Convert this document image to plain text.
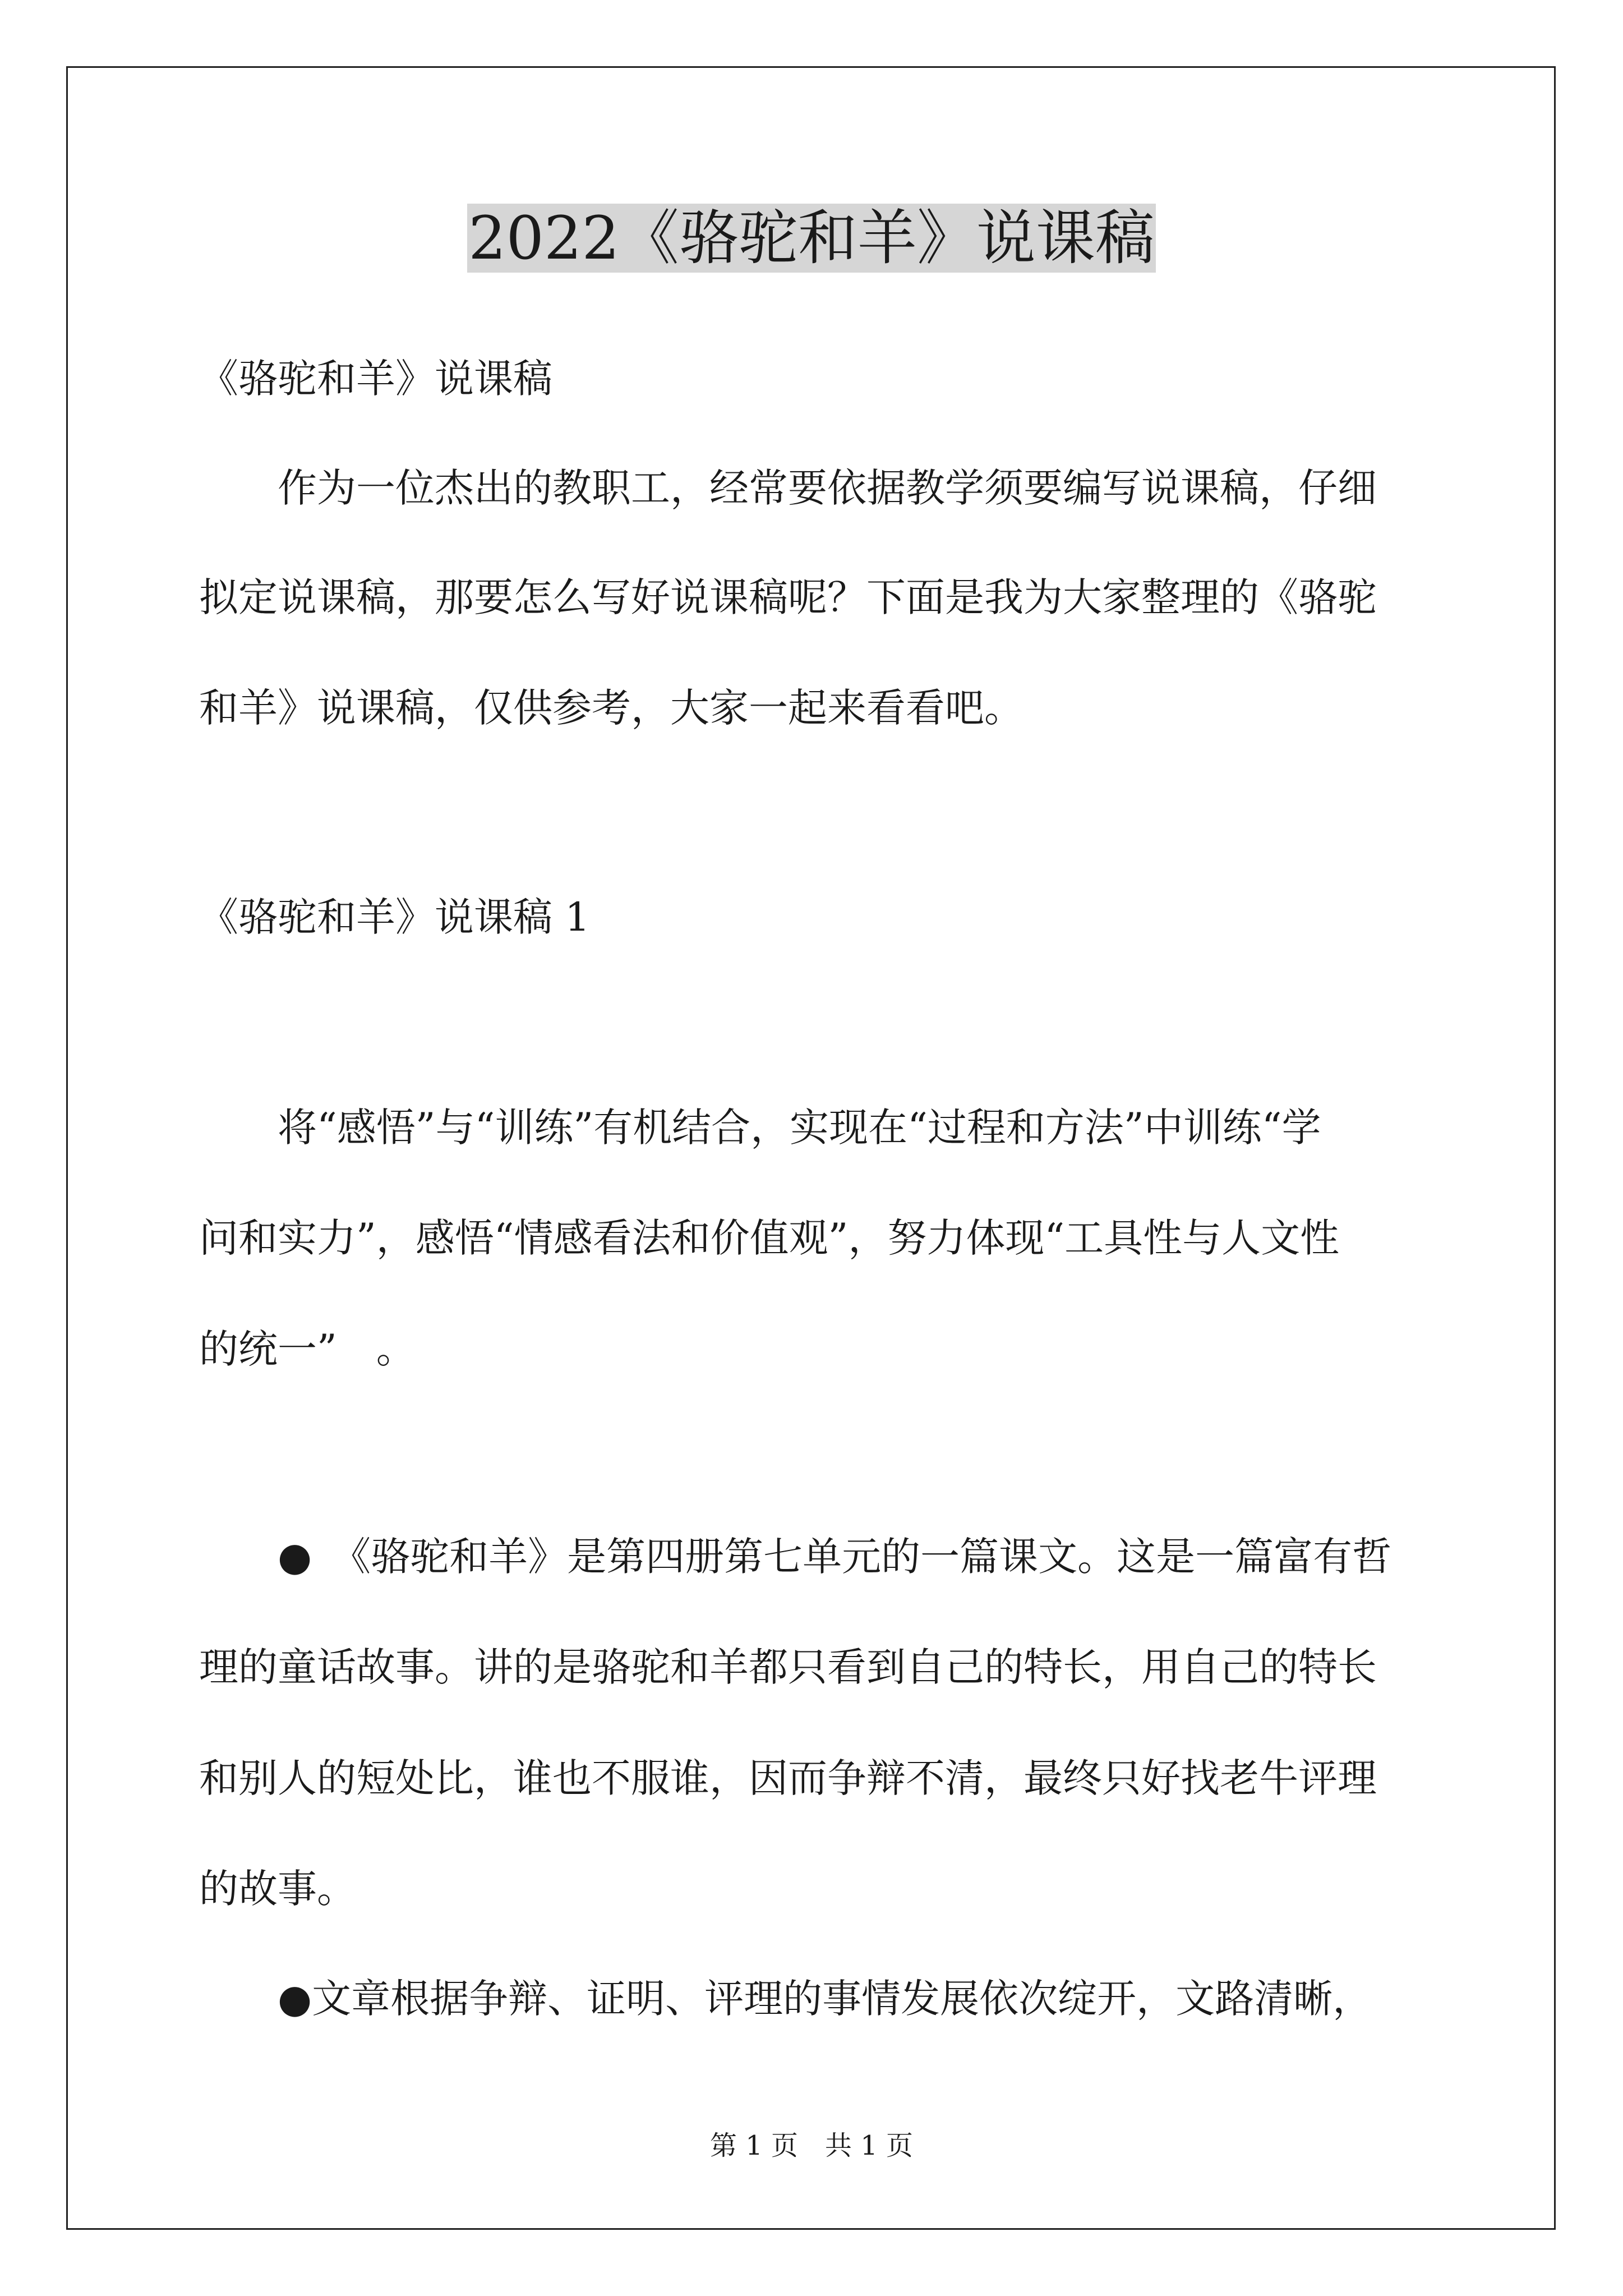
2022《骆驼和羊》说课稿
《骆驼和羊》说课稿
　　作为一位杰出的教职工，经常要依据教学须要编写说课稿，仔细
拟定说课稿，那要怎么写好说课稿呢？下面是我为大家整理的《骆驼
和羊》说课稿，仅供参考，大家一起来看看吧。
《骆驼和羊》说课稿 1
　　将“感悟”与“训练”有机结合，实现在“过程和方法”中训练“学
问和实力”，感悟“情感看法和价值观”，努力体现“工具性与人文性
的统一”　。
　　●　《骆驼和羊》是第四册第七单元的一篇课文。这是一篇富有哲
理的童话故事。讲的是骆驼和羊都只看到自己的特长，用自己的特长
和别人的短处比，谁也不服谁，因而争辩不清，最终只好找老牛评理
的故事。
　　●文章根据争辩、证明、评理的事情发展依次绽开，文路清晰，
第 1 页　共 1 页
